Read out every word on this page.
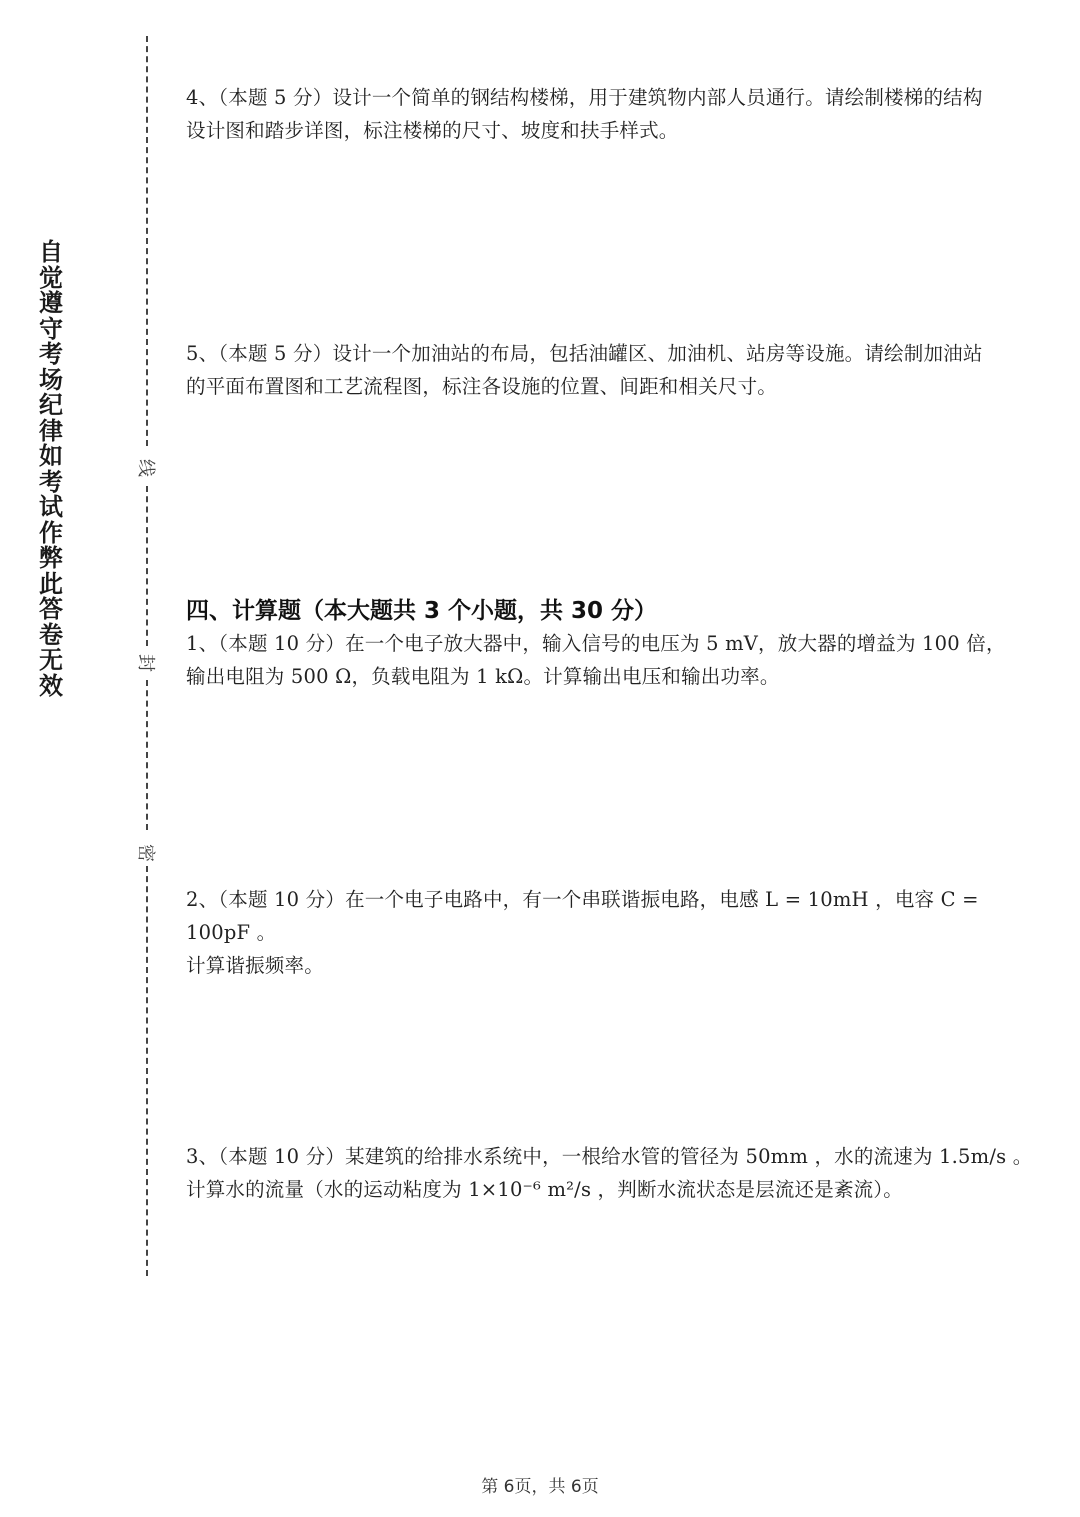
自
觉
遵
守
考
场
纪
律
如
考
试
作
弊
此
答
卷
无
效
线
封
密
4、（本题 5 分）设计一个简单的钢结构楼梯，用于建筑物内部人员通行。请绘制楼梯的结构
设计图和踏步详图，标注楼梯的尺寸、坡度和扶手样式。
5、（本题 5 分）设计一个加油站的布局，包括油罐区、加油机、站房等设施。请绘制加油站
的平面布置图和工艺流程图，标注各设施的位置、间距和相关尺寸。
四、计算题（本大题共 3 个小题，共 30 分）
1、（本题 10 分）在一个电子放大器中，输入信号的电压为 5 mV，放大器的增益为 100 倍，
输出电阻为 500 Ω，负载电阻为 1 kΩ。计算输出电压和输出功率。
2、（本题 10 分）在一个电子电路中，有一个串联谐振电路，电感 L = 10mH ，电容 C = 100pF 。
计算谐振频率。
3、（本题 10 分）某建筑的给排水系统中，一根给水管的管径为 50mm ，水的流速为 1.5m/s 。
计算水的流量（水的运动粘度为 1×10⁻⁶ m²/s ，判断水流状态是层流还是紊流）。
第 6页，共 6页
